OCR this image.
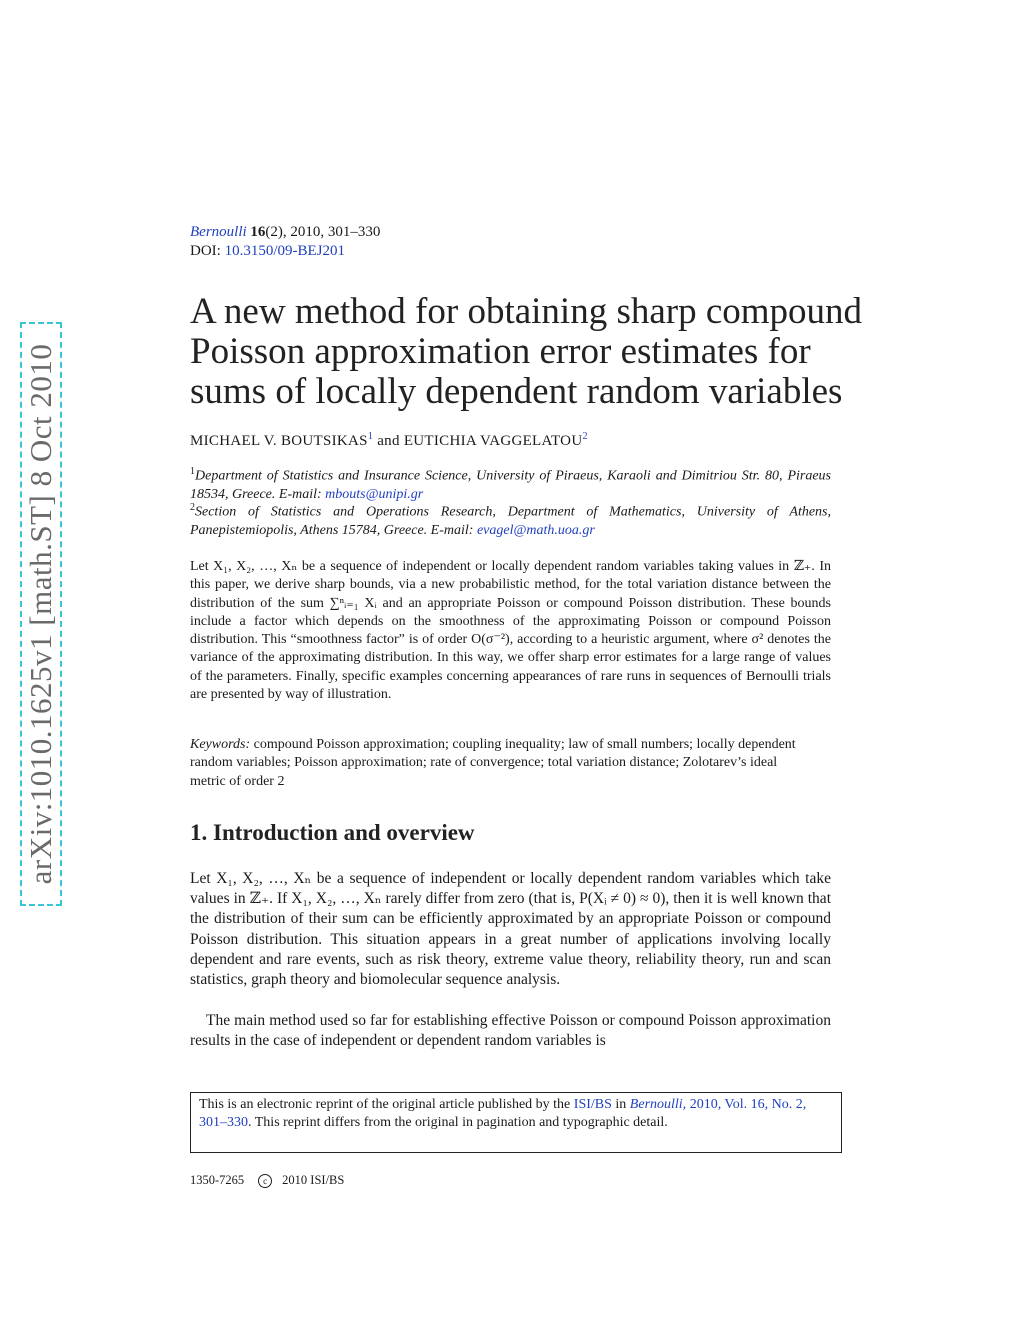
arXiv:1010.1625v1 [math.ST] 8 Oct 2010
Bernoulli 16(2), 2010, 301–330
DOI: 10.3150/09-BEJ201
A new method for obtaining sharp compound
Poisson approximation error estimates for
sums of locally dependent random variables
MICHAEL V. BOUTSIKAS$^1$ and EUTICHIA VAGGELATOU$^2$
$^1$Department of Statistics and Insurance Science, University of Piraeus, Karaoli and Dimitriou Str. 80, Piraeus 18534, Greece. E-mail: mbouts@unipi.gr
$^2$Section of Statistics and Operations Research, Department of Mathematics, University of Athens, Panepistemiopolis, Athens 15784, Greece. E-mail: evagel@math.uoa.gr
Let X₁, X₂, …, Xₙ be a sequence of independent or locally dependent random variables taking values in ℤ₊. In this paper, we derive sharp bounds, via a new probabilistic method, for the total variation distance between the distribution of the sum ∑ⁿᵢ₌₁ Xᵢ and an appropriate Poisson or compound Poisson distribution. These bounds include a factor which depends on the smoothness of the approximating Poisson or compound Poisson distribution. This “smoothness factor” is of order O(σ⁻²), according to a heuristic argument, where σ² denotes the variance of the approximating distribution. In this way, we offer sharp error estimates for a large range of values of the parameters. Finally, specific examples concerning appearances of rare runs in sequences of Bernoulli trials are presented by way of illustration.
Keywords: compound Poisson approximation; coupling inequality; law of small numbers; locally dependent random variables; Poisson approximation; rate of convergence; total variation distance; Zolotarev’s ideal metric of order 2
1. Introduction and overview
Let X₁, X₂, …, Xₙ be a sequence of independent or locally dependent random variables which take values in ℤ₊. If X₁, X₂, …, Xₙ rarely differ from zero (that is, P(Xᵢ ≠ 0) ≈ 0), then it is well known that the distribution of their sum can be efficiently approximated by an appropriate Poisson or compound Poisson distribution. This situation appears in a great number of applications involving locally dependent and rare events, such as risk theory, extreme value theory, reliability theory, run and scan statistics, graph theory and biomolecular sequence analysis.
The main method used so far for establishing effective Poisson or compound Poisson approximation results in the case of independent or dependent random variables is
This is an electronic reprint of the original article published by the ISI/BS in Bernoulli, 2010, Vol. 16, No. 2, 301–330. This reprint differs from the original in pagination and typographic detail.
1350-7265 c 2010 ISI/BS
